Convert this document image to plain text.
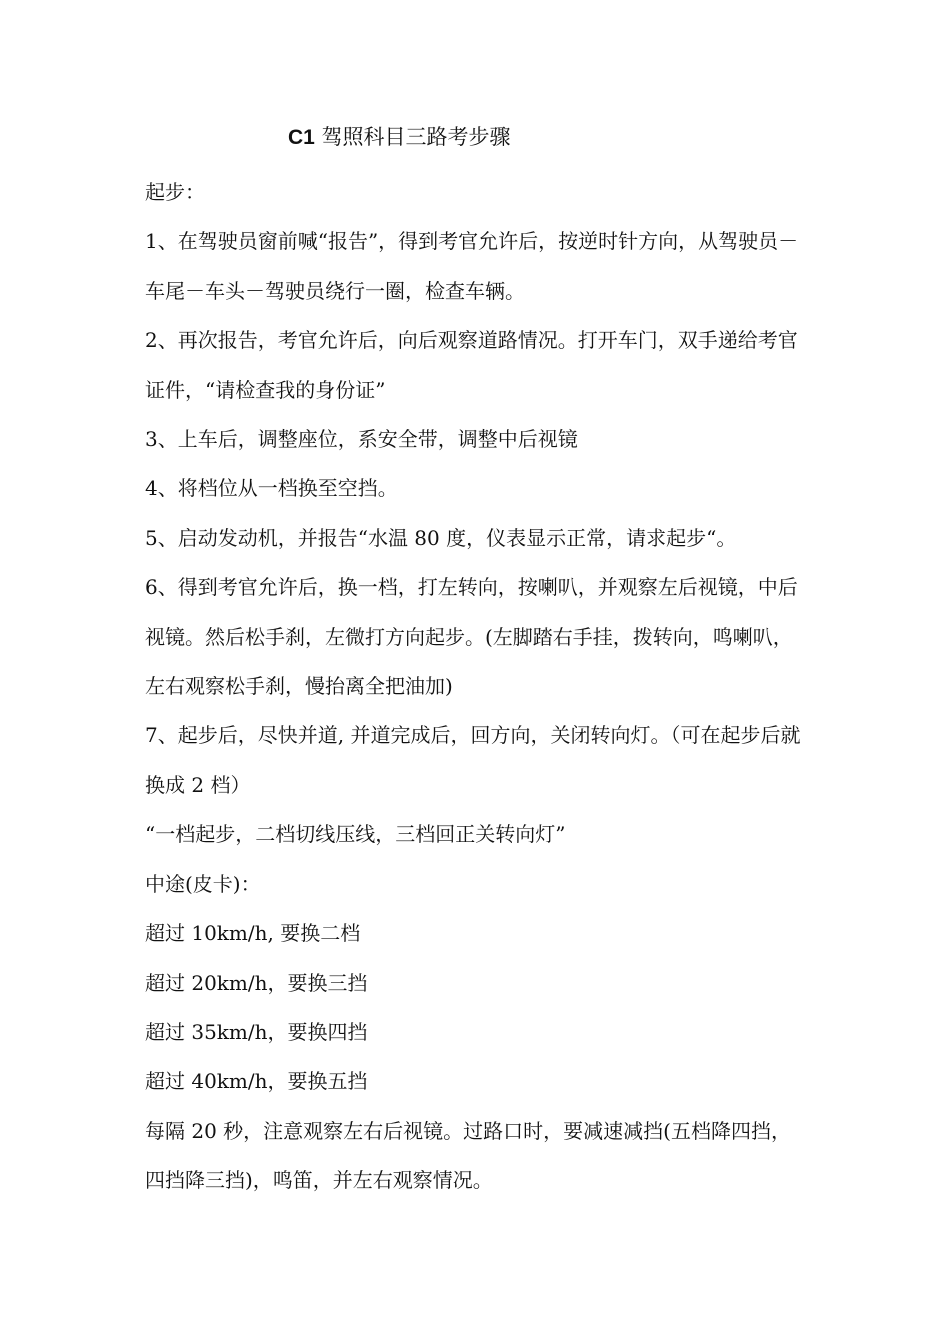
C1 驾照科目三路考步骤

起步：

1、在驾驶员窗前喊“报告”，得到考官允许后，按逆时针方向，从驾驶员－车尾－车头－驾驶员绕行一圈，检查车辆。

2、再次报告，考官允许后，向后观察道路情况。打开车门，双手递给考官证件，“请检查我的身份证”

3、上车后，调整座位，系安全带，调整中后视镜

4、将档位从一档换至空挡。

5、启动发动机，并报告“水温 80 度，仪表显示正常，请求起步“。

6、得到考官允许后，换一档，打左转向，按喇叭，并观察左后视镜，中后视镜。然后松手刹，左微打方向起步。(左脚踏右手挂，拨转向，鸣喇叭，左右观察松手刹，慢抬离全把油加)

7、起步后，尽快并道, 并道完成后，回方向，关闭转向灯。（可在起步后就换成 2 档）

“一档起步，二档切线压线，三档回正关转向灯”

中途(皮卡)：

超过 10km/h, 要换二档

超过 20km/h，要换三挡

超过 35km/h，要换四挡

超过 40km/h，要换五挡

每隔 20 秒，注意观察左右后视镜。过路口时，要减速减挡(五档降四挡，四挡降三挡)，鸣笛，并左右观察情况。
